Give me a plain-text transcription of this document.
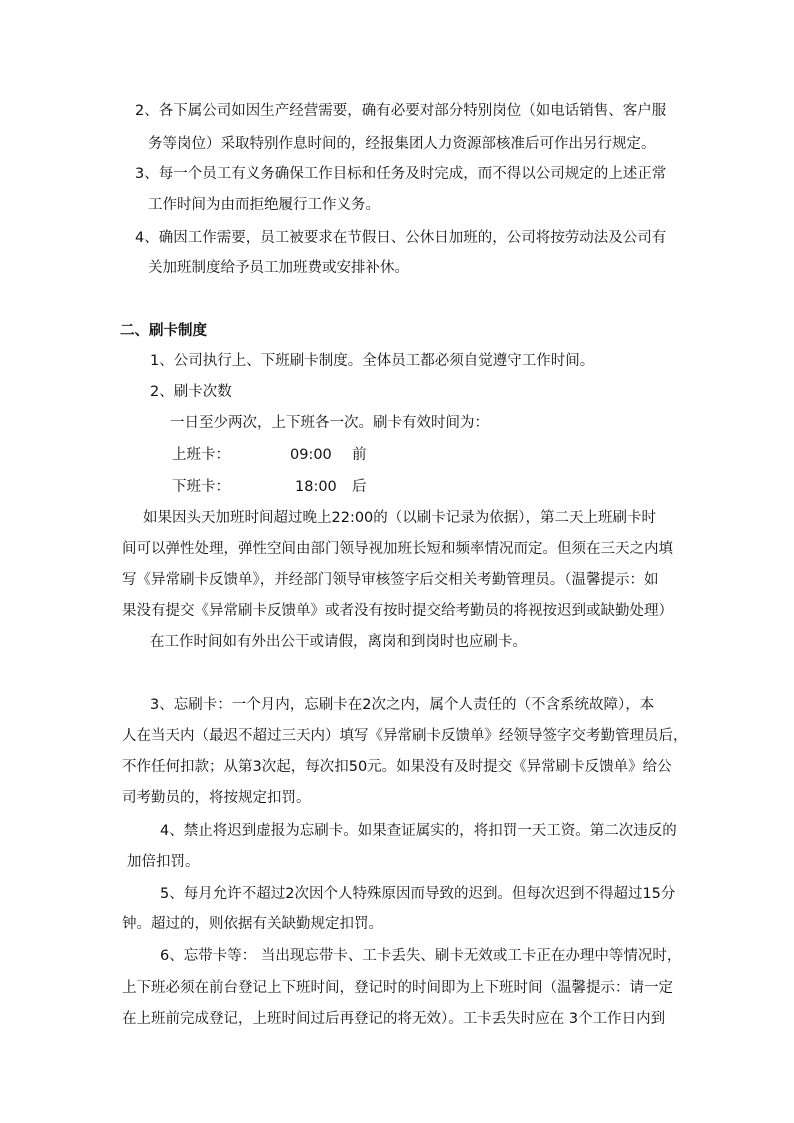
2、各下属公司如因生产经营需要，确有必要对部分特别岗位（如电话销售、客户服
务等岗位）采取特别作息时间的，经报集团人力资源部核准后可作出另行规定。
3、每一个员工有义务确保工作目标和任务及时完成，而不得以公司规定的上述正常
工作时间为由而拒绝履行工作义务。
4、确因工作需要，员工被要求在节假日、公休日加班的，公司将按劳动法及公司有
关加班制度给予员工加班费或安排补休。
二、刷卡制度
1、公司执行上、下班刷卡制度。全体员工都必须自觉遵守工作时间。
2、刷卡次数
一日至少两次，上下班各一次。刷卡有效时间为：
上班卡：	09:00 前
下班卡：	18:00 后
如果因头天加班时间超过晚上22:00的（以刷卡记录为依据），第二天上班刷卡时
间可以弹性处理，弹性空间由部门领导视加班长短和频率情况而定。但须在三天之内填
写《异常刷卡反馈单》，并经部门领导审核签字后交相关考勤管理员。（温馨提示：如
果没有提交《异常刷卡反馈单》或者没有按时提交给考勤员的将视按迟到或缺勤处理）
在工作时间如有外出公干或请假，离岗和到岗时也应刷卡。
3、忘刷卡：一个月内，忘刷卡在2次之内，属个人责任的（不含系统故障），本
人在当天内（最迟不超过三天内）填写《异常刷卡反馈单》经领导签字交考勤管理员后，
不作任何扣款；从第3次起，每次扣50元。如果没有及时提交《异常刷卡反馈单》给公
司考勤员的，将按规定扣罚。
4、禁止将迟到虚报为忘刷卡。如果查证属实的，将扣罚一天工资。第二次违反的
加倍扣罚。
5、每月允许不超过2次因个人特殊原因而导致的迟到。但每次迟到不得超过15分
钟。超过的，则依据有关缺勤规定扣罚。
6、忘带卡等： 当出现忘带卡、工卡丢失、刷卡无效或工卡正在办理中等情况时，
上下班必须在前台登记上下班时间，登记时的时间即为上下班时间（温馨提示：请一定
在上班前完成登记，上班时间过后再登记的将无效）。工卡丢失时应在 3个工作日内到
